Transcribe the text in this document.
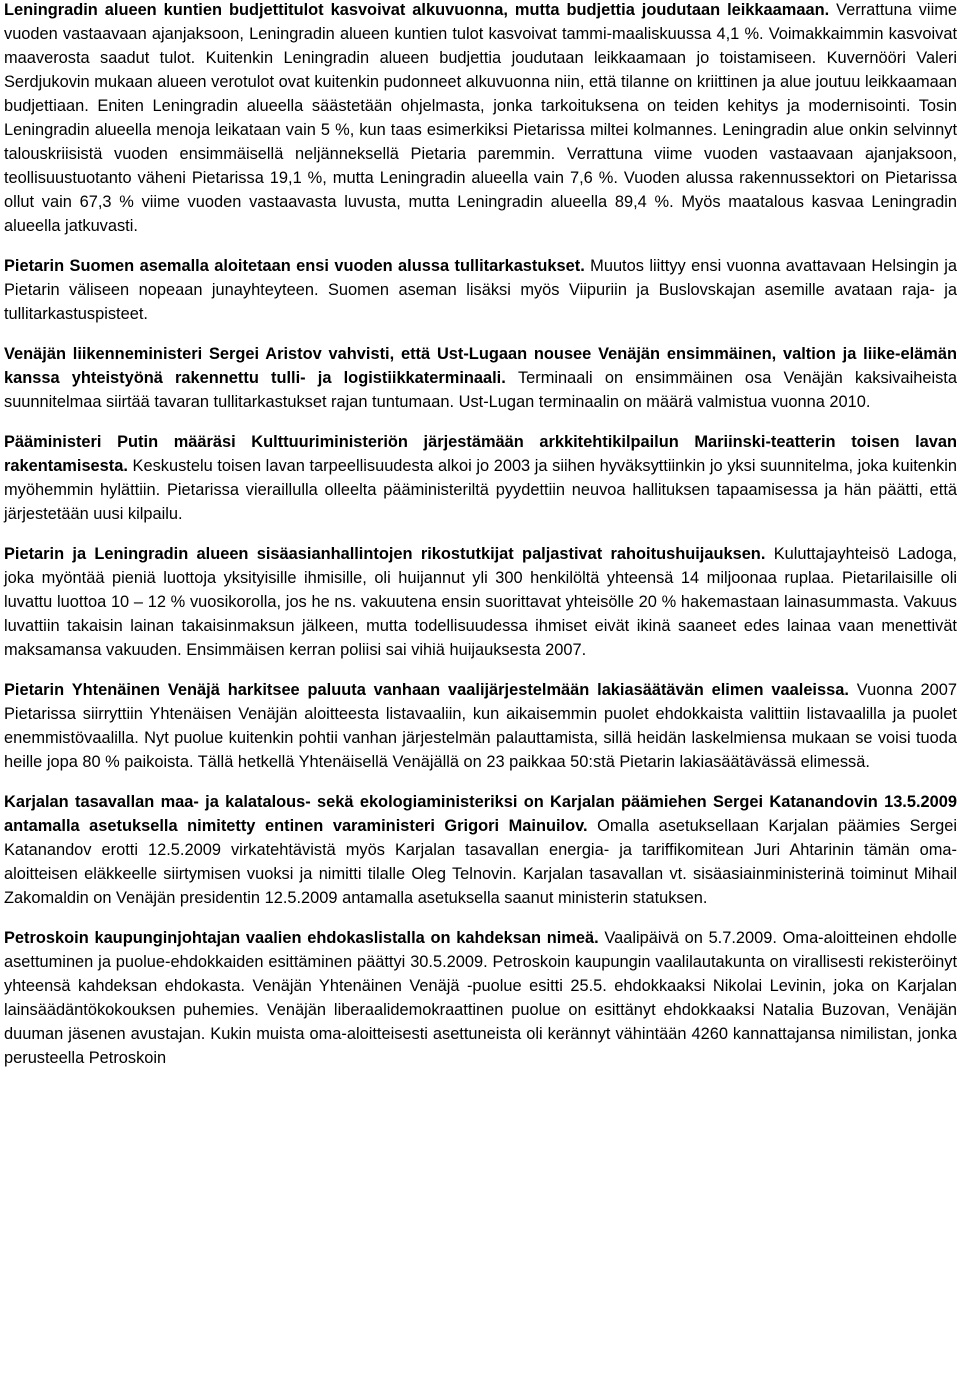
Leningradin alueen kuntien budjettitulot kasvoivat alkuvuonna, mutta budjettia joudutaan leikkaamaan. Verrattuna viime vuoden vastaavaan ajanjaksoon, Leningradin alueen kuntien tulot kasvoivat tammi-maaliskuussa 4,1 %. Voimakkaimmin kasvoivat maaverosta saadut tulot. Kuitenkin Leningradin alueen budjettia joudutaan leikkaamaan jo toistamiseen. Kuvernööri Valeri Serdjukovin mukaan alueen verotulot ovat kuitenkin pudonneet alkuvuonna niin, että tilanne on kriittinen ja alue joutuu leikkaamaan budjettiaan. Eniten Leningradin alueella säästetään ohjelmasta, jonka tarkoituksena on teiden kehitys ja modernisointi. Tosin Leningradin alueella menoja leikataan vain 5 %, kun taas esimerkiksi Pietarissa miltei kolmannes. Leningradin alue onkin selvinnyt talouskriisistä vuoden ensimmäisellä neljänneksellä Pietaria paremmin. Verrattuna viime vuoden vastaavaan ajanjaksoon, teollisuustuotanto väheni Pietarissa 19,1 %, mutta Leningradin alueella vain 7,6 %. Vuoden alussa rakennussektori on Pietarissa ollut vain 67,3 % viime vuoden vastaavasta luvusta, mutta Leningradin alueella 89,4 %. Myös maatalous kasvaa Leningradin alueella jatkuvasti.

Pietarin Suomen asemalla aloitetaan ensi vuoden alussa tullitarkastukset. Muutos liittyy ensi vuonna avattavaan Helsingin ja Pietarin väliseen nopeaan junayhteyteen. Suomen aseman lisäksi myös Viipuriin ja Buslovskajan asemille avataan raja- ja tullitarkastuspisteet.

Venäjän liikenneministeri Sergei Aristov vahvisti, että Ust-Lugaan nousee Venäjän ensimmäinen, valtion ja liike-elämän kanssa yhteistyönä rakennettu tulli- ja logistiikkaterminaali. Terminaali on ensimmäinen osa Venäjän kaksivaiheista suunnitelmaa siirtää tavaran tullitarkastukset rajan tuntumaan. Ust-Lugan terminaalin on määrä valmistua vuonna 2010.

Pääministeri Putin määräsi Kulttuuriministeriön järjestämään arkkitehtikilpailun Mariinski-teatterin toisen lavan rakentamisesta. Keskustelu toisen lavan tarpeellisuudesta alkoi jo 2003 ja siihen hyväksyttiinkin jo yksi suunnitelma, joka kuitenkin myöhemmin hylättiin. Pietarissa vieraillulla olleelta pääministeriltä pyydettiin neuvoa hallituksen tapaamisessa ja hän päätti, että järjestetään uusi kilpailu.

Pietarin ja Leningradin alueen sisäasianhallintojen rikostutkijat paljastivat rahoitushuijauksen. Kuluttajayhteisö Ladoga, joka myöntää pieniä luottoja yksityisille ihmisille, oli huijannut yli 300 henkilöltä yhteensä 14 miljoonaa ruplaa. Pietarilaisille oli luvattu luottoa 10 – 12 % vuosikorolla, jos he ns. vakuutena ensin suorittavat yhteisölle 20 % hakemastaan lainasummasta. Vakuus luvattiin takaisin lainan takaisinmaksun jälkeen, mutta todellisuudessa ihmiset eivät ikinä saaneet edes lainaa vaan menettivät maksamansa vakuuden. Ensimmäisen kerran poliisi sai vihiä huijauksesta 2007.

Pietarin Yhtenäinen Venäjä harkitsee paluuta vanhaan vaalijärjestelmään lakiasäätävän elimen vaaleissa. Vuonna 2007 Pietarissa siirryttiin Yhtenäisen Venäjän aloitteesta listavaaliin, kun aikaisemmin puolet ehdokkaista valittiin listavaalilla ja puolet enemmistövaalilla. Nyt puolue kuitenkin pohtii vanhan järjestelmän palauttamista, sillä heidän laskelmiensa mukaan se voisi tuoda heille jopa 80 % paikoista. Tällä hetkellä Yhtenäisellä Venäjällä on 23 paikkaa 50:stä Pietarin lakiasäätävässä elimessä.

Karjalan tasavallan maa- ja kalatalous- sekä ekologiaministeriksi on Karjalan päämiehen Sergei Katanandovin 13.5.2009 antamalla asetuksella nimitetty entinen varaministeri Grigori Mainuilov. Omalla asetuksellaan Karjalan päämies Sergei Katanandov erotti 12.5.2009 virkatehtävistä myös Karjalan tasavallan energia- ja tariffikomitean Juri Ahtarinin tämän oma-aloitteisen eläkkeelle siirtymisen vuoksi ja nimitti tilalle Oleg Telnovin. Karjalan tasavallan vt. sisäasiainministerinä toiminut Mihail Zakomaldin on Venäjän presidentin 12.5.2009 antamalla asetuksella saanut ministerin statuksen.

Petroskoin kaupunginjohtajan vaalien ehdokaslistalla on kahdeksan nimeä. Vaalipäivä on 5.7.2009. Oma-aloitteinen ehdolle asettuminen ja puolue-ehdokkaiden esittäminen päättyi 30.5.2009. Petroskoin kaupungin vaalilautakunta on virallisesti rekisteröinyt yhteensä kahdeksan ehdokasta. Venäjän Yhtenäinen Venäjä -puolue esitti 25.5. ehdokkaaksi Nikolai Levinin, joka on Karjalan lainsäädäntökokouksen puhemies. Venäjän liberaalidemokraattinen puolue on esittänyt ehdokkaaksi Natalia Buzovan, Venäjän duuman jäsenen avustajan. Kukin muista oma-aloitteisesti asettuneista oli kerännyt vähintään 4260 kannattajansa nimilistan, jonka perusteella Petroskoin
